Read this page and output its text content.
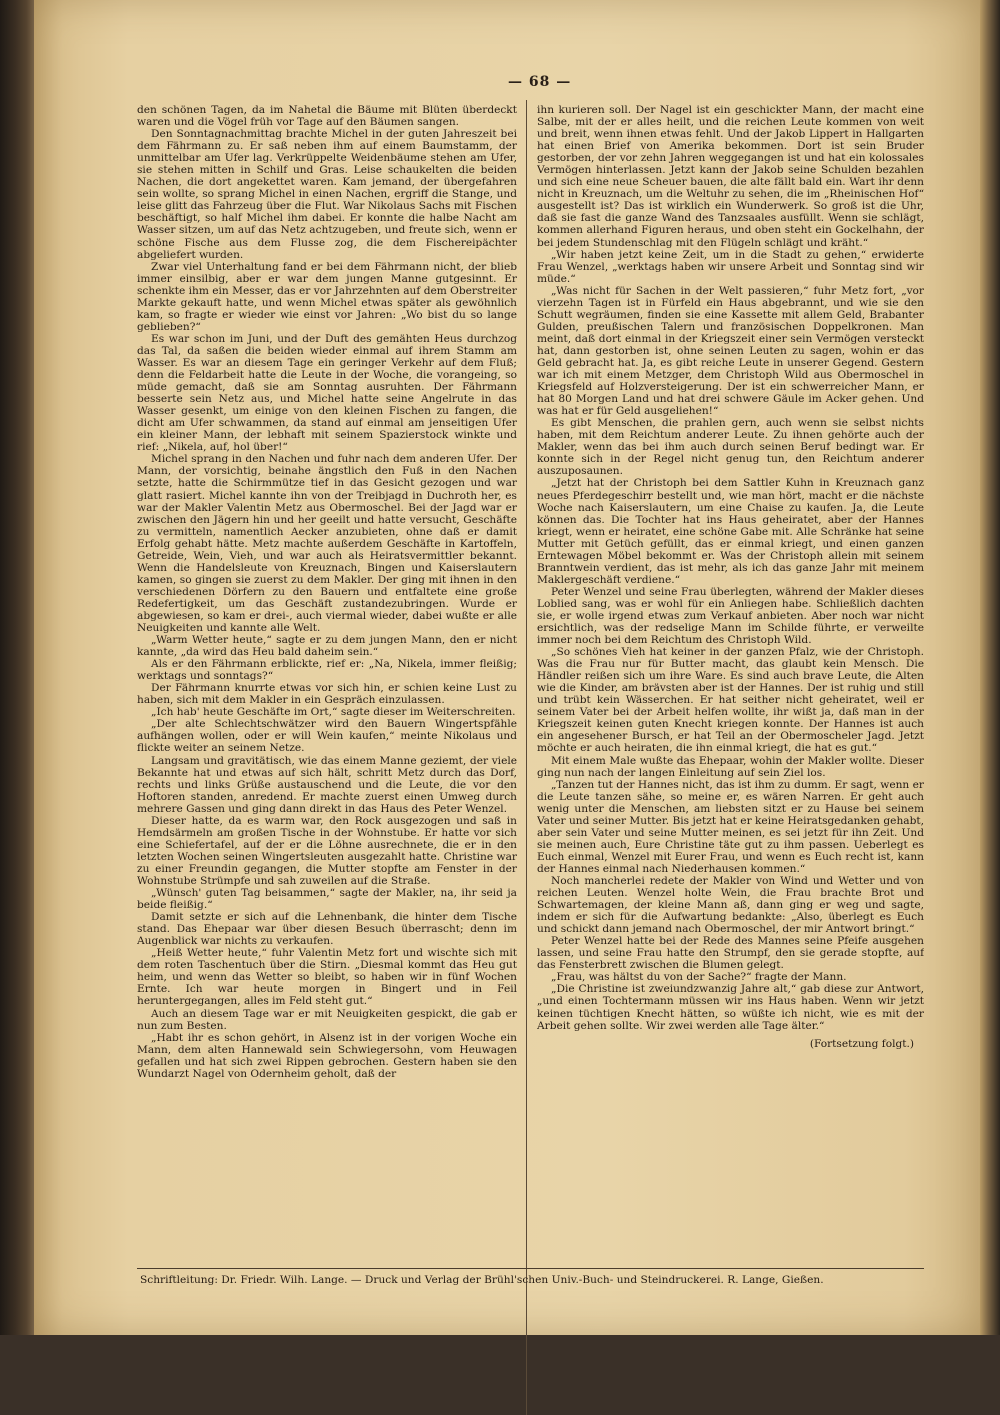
— 68 —

den schönen Tagen, da im Nahetal die Bäume mit Blüten überdeckt waren und die Vögel früh vor Tage auf den Bäumen sangen.

Den Sonntagnachmittag brachte Michel in der guten Jahreszeit bei dem Fährmann zu. Er saß neben ihm auf einem Baumstamm, der unmittelbar am Ufer lag. Verkrüppelte Weidenbäume stehen am Ufer, sie stehen mitten in Schilf und Gras. Leise schaukelten die beiden Nachen, die dort angekettet waren. Kam jemand, der übergefahren sein wollte, so sprang Michel in einen Nachen, ergriff die Stange, und leise glitt das Fahrzeug über die Flut. War Nikolaus Sachs mit Fischen beschäftigt, so half Michel ihm dabei. Er konnte die halbe Nacht am Wasser sitzen, um auf das Netz achtzugeben, und freute sich, wenn er schöne Fische aus dem Flusse zog, die dem Fischereipächter abgeliefert wurden.

Zwar viel Unterhaltung fand er bei dem Fährmann nicht, der blieb immer einsilbig, aber er war dem jungen Manne gutgesinnt. Er schenkte ihm ein Messer, das er vor Jahrzehnten auf dem Oberstreiter Markte gekauft hatte, und wenn Michel etwas später als gewöhnlich kam, so fragte er wieder wie einst vor Jahren: „Wo bist du so lange geblieben?“

Es war schon im Juni, und der Duft des gemähten Heus durchzog das Tal, da saßen die beiden wieder einmal auf ihrem Stamm am Wasser. Es war an diesem Tage ein geringer Verkehr auf dem Fluß; denn die Feldarbeit hatte die Leute in der Woche, die vorangeing, so müde gemacht, daß sie am Sonntag ausruhten. Der Fährmann besserte sein Netz aus, und Michel hatte seine Angelrute in das Wasser gesenkt, um einige von den kleinen Fischen zu fangen, die dicht am Ufer schwammen, da stand auf einmal am jenseitigen Ufer ein kleiner Mann, der lebhaft mit seinem Spazierstock winkte und rief: „Nikela, auf, hol über!“

Michel sprang in den Nachen und fuhr nach dem anderen Ufer. Der Mann, der vorsichtig, beinahe ängstlich den Fuß in den Nachen setzte, hatte die Schirmmütze tief in das Gesicht gezogen und war glatt rasiert. Michel kannte ihn von der Treibjagd in Duchroth her, es war der Makler Valentin Metz aus Obermoschel. Bei der Jagd war er zwischen den Jägern hin und her geeilt und hatte versucht, Geschäfte zu vermitteln, namentlich Aecker anzubieten, ohne daß er damit Erfolg gehabt hätte. Metz machte außerdem Geschäfte in Kartoffeln, Getreide, Wein, Vieh, und war auch als Heiratsvermittler bekannt. Wenn die Handelsleute von Kreuznach, Bingen und Kaiserslautern kamen, so gingen sie zuerst zu dem Makler. Der ging mit ihnen in den verschiedenen Dörfern zu den Bauern und entfaltete eine große Redefertigkeit, um das Geschäft zustandezubringen. Wurde er abgewiesen, so kam er drei-, auch viermal wieder, dabei wußte er alle Neuigkeiten und kannte alle Welt.

„Warm Wetter heute,“ sagte er zu dem jungen Mann, den er nicht kannte, „da wird das Heu bald daheim sein.“

Als er den Fährmann erblickte, rief er: „Na, Nikela, immer fleißig; werktags und sonntags?“

Der Fährmann knurrte etwas vor sich hin, er schien keine Lust zu haben, sich mit dem Makler in ein Gespräch einzulassen.

„Ich hab' heute Geschäfte im Ort,“ sagte dieser im Weiterschreiten.

„Der alte Schlechtschwätzer wird den Bauern Wingertspfähle aufhängen wollen, oder er will Wein kaufen,“ meinte Nikolaus und flickte weiter an seinem Netze.

Langsam und gravitätisch, wie das einem Manne geziemt, der viele Bekannte hat und etwas auf sich hält, schritt Metz durch das Dorf, rechts und links Grüße austauschend und die Leute, die vor den Hoftoren standen, anredend. Er machte zuerst einen Umweg durch mehrere Gassen und ging dann direkt in das Haus des Peter Wenzel.

Dieser hatte, da es warm war, den Rock ausgezogen und saß in Hemdsärmeln am großen Tische in der Wohnstube. Er hatte vor sich eine Schiefertafel, auf der er die Löhne ausrechnete, die er in den letzten Wochen seinen Wingertsleuten ausgezahlt hatte. Christine war zu einer Freundin gegangen, die Mutter stopfte am Fenster in der Wohnstube Strümpfe und sah zuweilen auf die Straße.

„Wünsch' guten Tag beisammen,“ sagte der Makler, na, ihr seid ja beide fleißig.“

Damit setzte er sich auf die Lehnenbank, die hinter dem Tische stand. Das Ehepaar war über diesen Besuch überrascht; denn im Augenblick war nichts zu verkaufen.

„Heiß Wetter heute,“ fuhr Valentin Metz fort und wischte sich mit dem roten Taschentuch über die Stirn. „Diesmal kommt das Heu gut heim, und wenn das Wetter so bleibt, so haben wir in fünf Wochen Ernte. Ich war heute morgen in Bingert und in Feil heruntergegangen, alles im Feld steht gut.“

Auch an diesem Tage war er mit Neuigkeiten gespickt, die gab er nun zum Besten.

„Habt ihr es schon gehört, in Alsenz ist in der vorigen Woche ein Mann, dem alten Hannewald sein Schwiegersohn, vom Heuwagen gefallen und hat sich zwei Rippen gebrochen. Gestern haben sie den Wundarzt Nagel von Odernheim geholt, daß der

ihn kurieren soll. Der Nagel ist ein geschickter Mann, der macht eine Salbe, mit der er alles heilt, und die reichen Leute kommen von weit und breit, wenn ihnen etwas fehlt. Und der Jakob Lippert in Hallgarten hat einen Brief von Amerika bekommen. Dort ist sein Bruder gestorben, der vor zehn Jahren weggegangen ist und hat ein kolossales Vermögen hinterlassen. Jetzt kann der Jakob seine Schulden bezahlen und sich eine neue Scheuer bauen, die alte fällt bald ein. Wart ihr denn nicht in Kreuznach, um die Weltuhr zu sehen, die im „Rheinischen Hof“ ausgestellt ist? Das ist wirklich ein Wunderwerk. So groß ist die Uhr, daß sie fast die ganze Wand des Tanzsaales ausfüllt. Wenn sie schlägt, kommen allerhand Figuren heraus, und oben steht ein Gockelhahn, der bei jedem Stundenschlag mit den Flügeln schlägt und kräht.“

„Wir haben jetzt keine Zeit, um in die Stadt zu gehen,“ erwiderte Frau Wenzel, „werktags haben wir unsere Arbeit und Sonntag sind wir müde.“

„Was nicht für Sachen in der Welt passieren,“ fuhr Metz fort, „vor vierzehn Tagen ist in Fürfeld ein Haus abgebrannt, und wie sie den Schutt wegräumen, finden sie eine Kassette mit allem Geld, Brabanter Gulden, preußischen Talern und französischen Doppelkronen. Man meint, daß dort einmal in der Kriegszeit einer sein Vermögen versteckt hat, dann gestorben ist, ohne seinen Leuten zu sagen, wohin er das Geld gebracht hat. Ja, es gibt reiche Leute in unserer Gegend. Gestern war ich mit einem Metzger, dem Christoph Wild aus Obermoschel in Kriegsfeld auf Holzversteigerung. Der ist ein schwerreicher Mann, er hat 80 Morgen Land und hat drei schwere Gäule im Acker gehen. Und was hat er für Geld ausgeliehen!“

Es gibt Menschen, die prahlen gern, auch wenn sie selbst nichts haben, mit dem Reichtum anderer Leute. Zu ihnen gehörte auch der Makler, wenn das bei ihm auch durch seinen Beruf bedingt war. Er konnte sich in der Regel nicht genug tun, den Reichtum anderer auszuposaunen.

„Jetzt hat der Christoph bei dem Sattler Kuhn in Kreuznach ganz neues Pferdegeschirr bestellt und, wie man hört, macht er die nächste Woche nach Kaiserslautern, um eine Chaise zu kaufen. Ja, die Leute können das. Die Tochter hat ins Haus geheiratet, aber der Hannes kriegt, wenn er heiratet, eine schöne Gabe mit. Alle Schränke hat seine Mutter mit Getüch gefüllt, das er einmal kriegt, und einen ganzen Erntewagen Möbel bekommt er. Was der Christoph allein mit seinem Branntwein verdient, das ist mehr, als ich das ganze Jahr mit meinem Maklergeschäft verdiene.“

Peter Wenzel und seine Frau überlegten, während der Makler dieses Loblied sang, was er wohl für ein Anliegen habe. Schließlich dachten sie, er wolle irgend etwas zum Verkauf anbieten. Aber noch war nicht ersichtlich, was der redselige Mann im Schilde führte, er verweilte immer noch bei dem Reichtum des Christoph Wild.

„So schönes Vieh hat keiner in der ganzen Pfalz, wie der Christoph. Was die Frau nur für Butter macht, das glaubt kein Mensch. Die Händler reißen sich um ihre Ware. Es sind auch brave Leute, die Alten wie die Kinder, am brävsten aber ist der Hannes. Der ist ruhig und still und trübt kein Wässerchen. Er hat seither nicht geheiratet, weil er seinem Vater bei der Arbeit helfen wollte, ihr wißt ja, daß man in der Kriegszeit keinen guten Knecht kriegen konnte. Der Hannes ist auch ein angesehener Bursch, er hat Teil an der Obermoscheler Jagd. Jetzt möchte er auch heiraten, die ihn einmal kriegt, die hat es gut.“

Mit einem Male wußte das Ehepaar, wohin der Makler wollte. Dieser ging nun nach der langen Einleitung auf sein Ziel los.

„Tanzen tut der Hannes nicht, das ist ihm zu dumm. Er sagt, wenn er die Leute tanzen sähe, so meine er, es wären Narren. Er geht auch wenig unter die Menschen, am liebsten sitzt er zu Hause bei seinem Vater und seiner Mutter. Bis jetzt hat er keine Heiratsgedanken gehabt, aber sein Vater und seine Mutter meinen, es sei jetzt für ihn Zeit. Und sie meinen auch, Eure Christine täte gut zu ihm passen. Ueberlegt es Euch einmal, Wenzel mit Eurer Frau, und wenn es Euch recht ist, kann der Hannes einmal nach Niederhausen kommen.“

Noch mancherlei redete der Makler von Wind und Wetter und von reichen Leuten. Wenzel holte Wein, die Frau brachte Brot und Schwartemagen, der kleine Mann aß, dann ging er weg und sagte, indem er sich für die Aufwartung bedankte: „Also, überlegt es Euch und schickt dann jemand nach Obermoschel, der mir Antwort bringt.“

Peter Wenzel hatte bei der Rede des Mannes seine Pfeife ausgehen lassen, und seine Frau hatte den Strumpf, den sie gerade stopfte, auf das Fensterbrett zwischen die Blumen gelegt.

„Frau, was hältst du von der Sache?“ fragte der Mann.

„Die Christine ist zweiundzwanzig Jahre alt,“ gab diese zur Antwort, „und einen Tochtermann müssen wir ins Haus haben. Wenn wir jetzt keinen tüchtigen Knecht hätten, so wüßte ich nicht, wie es mit der Arbeit gehen sollte. Wir zwei werden alle Tage älter.“

(Fortsetzung folgt.)
Schriftleitung: Dr. Friedr. Wilh. Lange. — Druck und Verlag der Brühl'schen Univ.-Buch- und Steindruckerei. R. Lange, Gießen.
